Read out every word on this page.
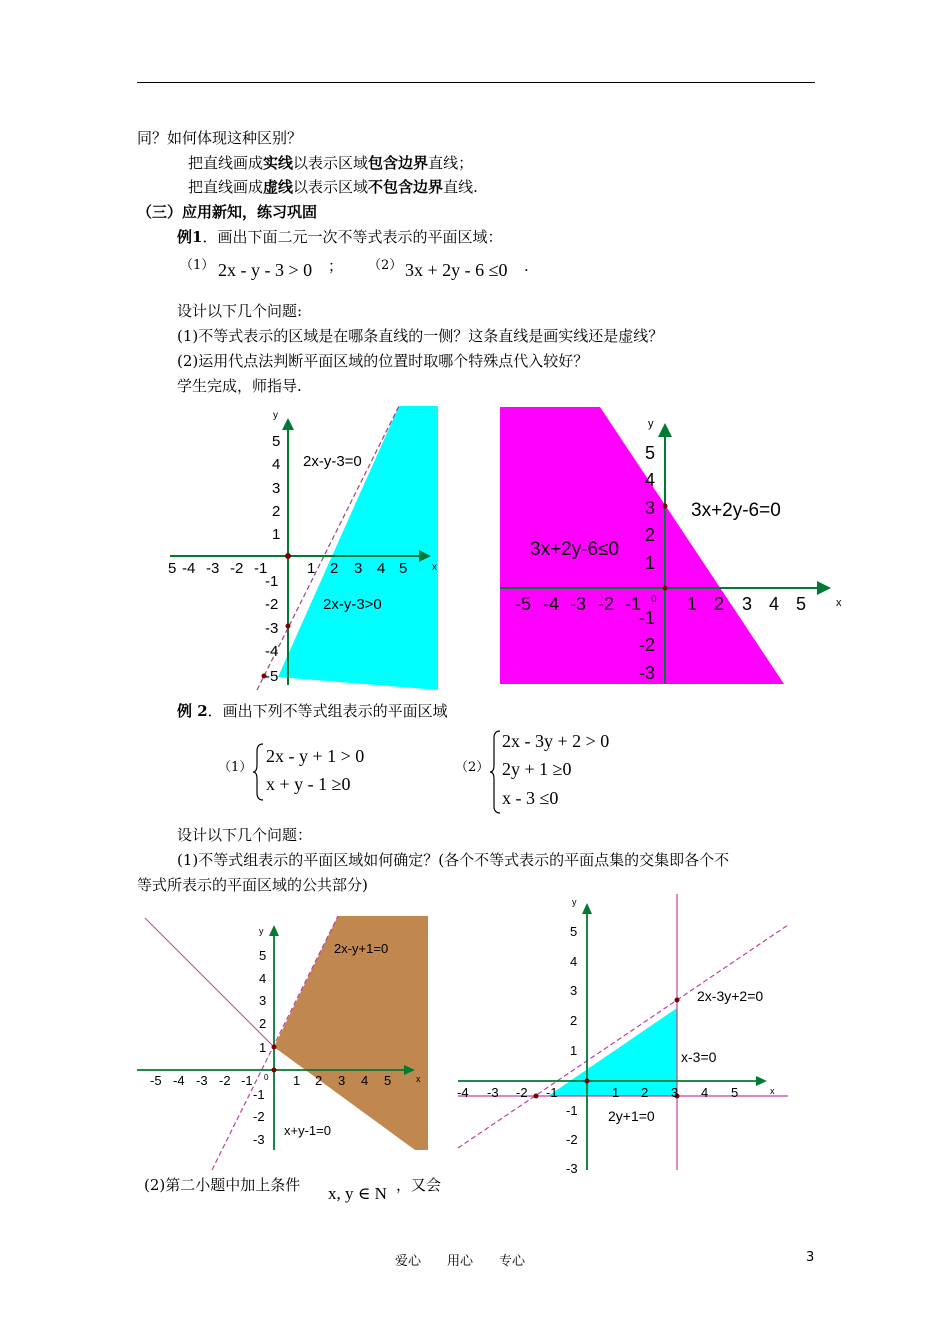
同？如何体现这种区别？
把直线画成实线以表示区域包含边界直线；
把直线画成虚线以表示区域不包含边界直线.
（三）应用新知，练习巩固
例1．画出下面二元一次不等式表示的平面区域：
（1） 2x - y - 3 > 0 ； （2） 3x + 2y - 6 ≤0 .
设计以下几个问题:
(1)不等式表示的区域是在哪条直线的一侧？这条直线是画实线还是虚线？
(2)运用代点法判断平面区域的位置时取哪个特殊点代入较好？
学生完成，师指导.
x
y
5 -4 -3 -2 -1	1 2 3 4 5
5
4
3
2
1
-1
-2
-3
-4
-5
2x-y-3=0
2x-y-3>0	x
y
0
-5 -4 -3 -2 -1	1 2 3 4 5
5
4
3
2
1
-1
-2
-3
3x+2y-6=0
3x+2y-6≤0
例 2．画出下列不等式组表示的平面区域
（1）
2x - y + 1 > 0
x + y - 1 ≥0
（2）
2x - 3y + 2 > 0
2y + 1 ≥0
x - 3 ≤0
设计以下几个问题：
(1)不等式组表示的平面区域如何确定？(各个不等式表示的平面点集的交集即各个不
等式所表示的平面区域的公共部分)
x
y
0
-5 -4 -3 -2 -1	1 2 3 4 5
5
4
3
2
1
-1
-2
-3
2x-y+1=0
x+y-1=0
x
y
-4 -3 -2 -1	1 2 3 4 5
5
4
3
2
1
-1
-2
-3
2x-3y+2=0
x-3=0
2y+1=0
(2)第二小题中加上条件 x, y ∈ N ，又会
爱心　　用心　　专心	3
